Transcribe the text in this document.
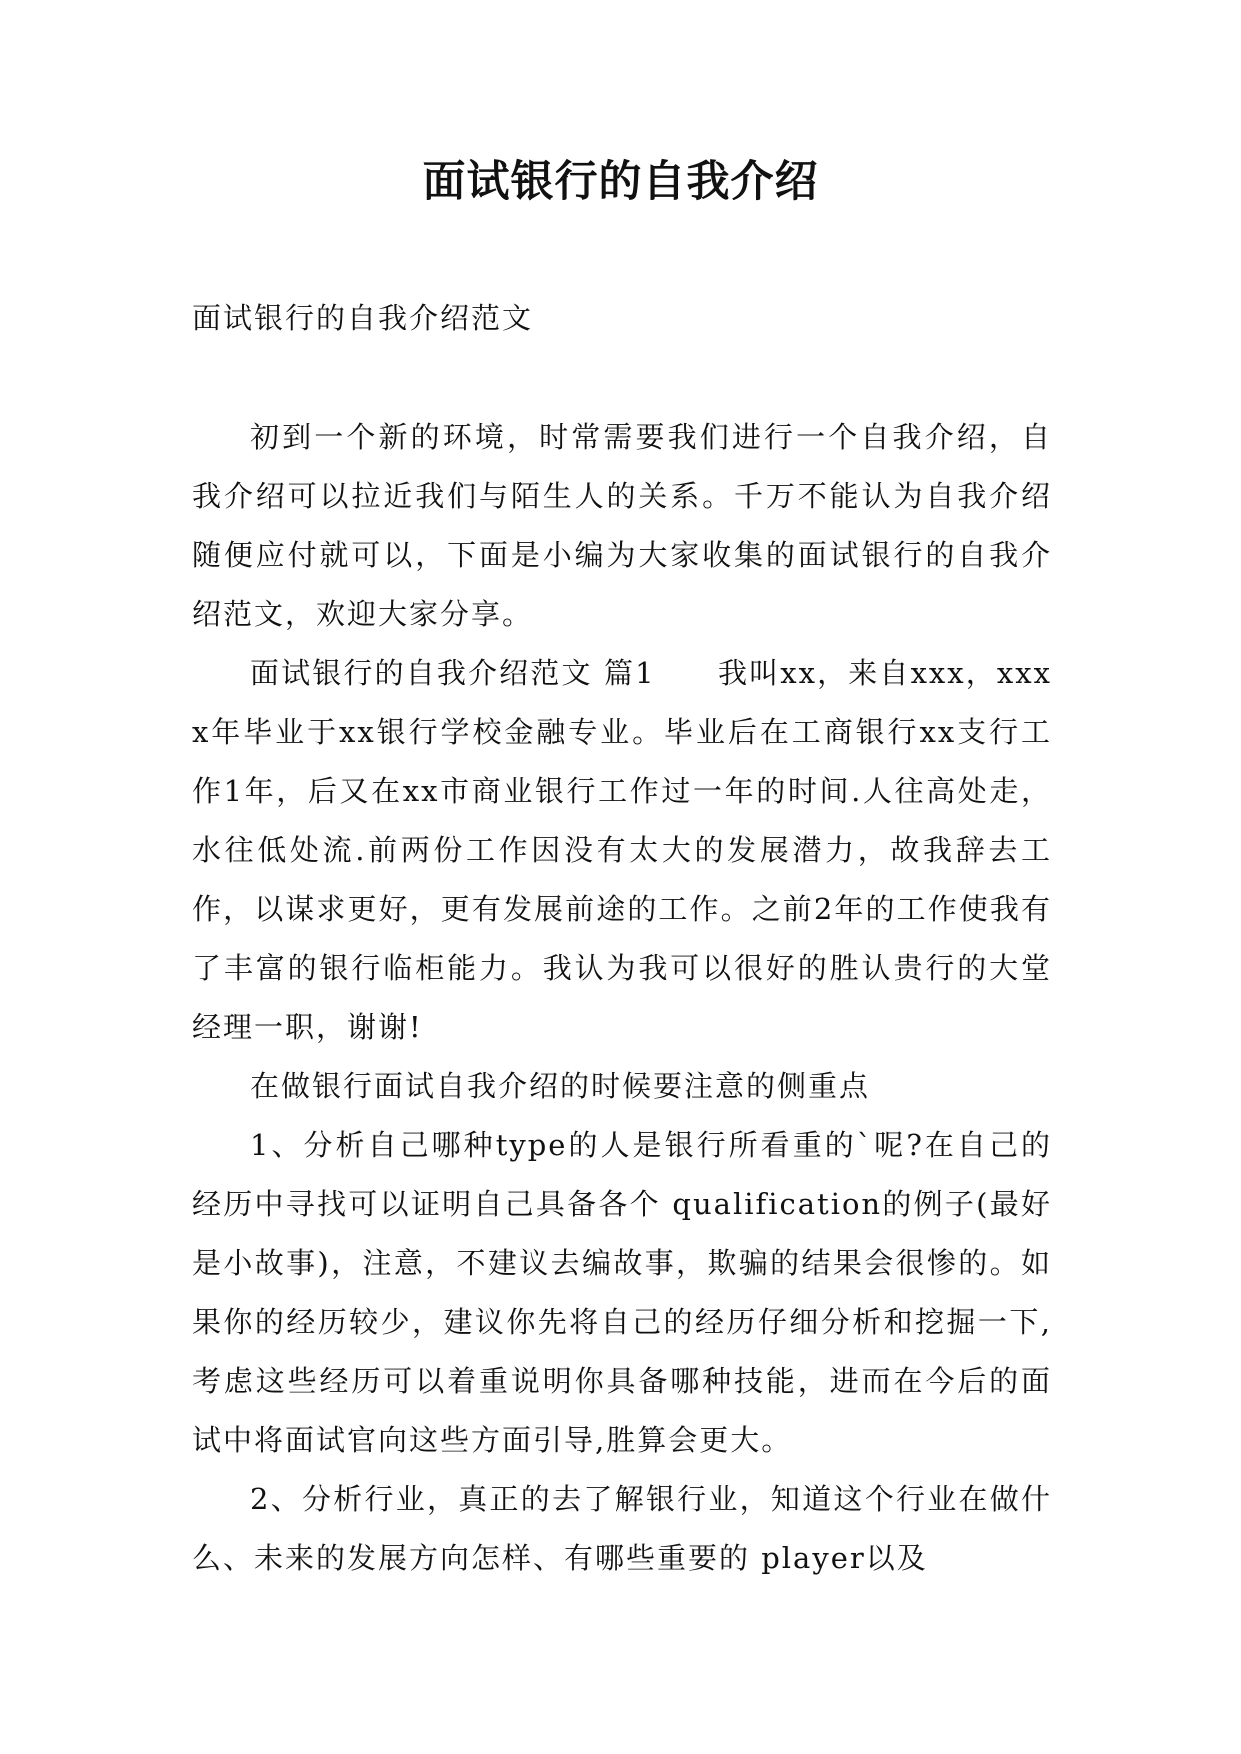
面试银行的自我介绍
面试银行的自我介绍范文

初到一个新的环境，时常需要我们进行一个自我介绍，自我介绍可以拉近我们与陌生人的关系。千万不能认为自我介绍随便应付就可以，下面是小编为大家收集的面试银行的自我介绍范文，欢迎大家分享。

面试银行的自我介绍范文 篇1　　我叫xx，来自xxx，xxxx年毕业于xx银行学校金融专业。毕业后在工商银行xx支行工作1年，后又在xx市商业银行工作过一年的时间.人往高处走，水往低处流.前两份工作因没有太大的发展潜力，故我辞去工作，以谋求更好，更有发展前途的工作。之前2年的工作使我有了丰富的银行临柜能力。我认为我可以很好的胜认贵行的大堂经理一职，谢谢!

在做银行面试自我介绍的时候要注意的侧重点

1、分析自己哪种type的人是银行所看重的`呢?在自己的经历中寻找可以证明自己具备各个 qualification的例子(最好是小故事)，注意，不建议去编故事，欺骗的结果会很惨的。如果你的经历较少，建议你先将自己的经历仔细分析和挖掘一下,考虑这些经历可以着重说明你具备哪种技能，进而在今后的面试中将面试官向这些方面引导,胜算会更大。

2、分析行业，真正的去了解银行业，知道这个行业在做什么、未来的发展方向怎样、有哪些重要的 player以及
